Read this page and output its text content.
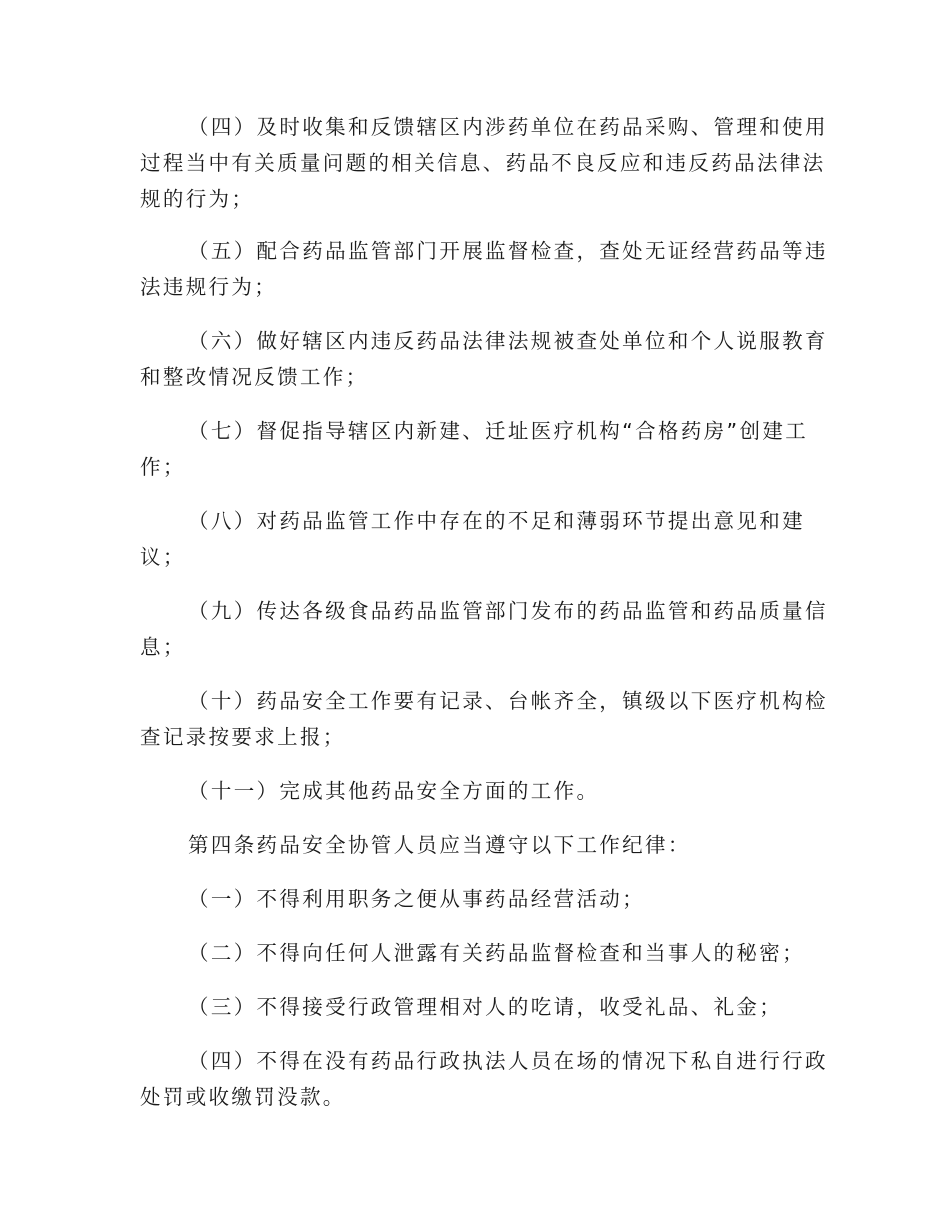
（四）及时收集和反馈辖区内涉药单位在药品采购、管理和使用
过程当中有关质量问题的相关信息、药品不良反应和违反药品法律法
规的行为；
（五）配合药品监管部门开展监督检查，查处无证经营药品等违
法违规行为；
（六）做好辖区内违反药品法律法规被查处单位和个人说服教育
和整改情况反馈工作；
（七）督促指导辖区内新建、迁址医疗机构“合格药房”创建工
作；
（八）对药品监管工作中存在的不足和薄弱环节提出意见和建
议；
（九）传达各级食品药品监管部门发布的药品监管和药品质量信
息；
（十）药品安全工作要有记录、台帐齐全，镇级以下医疗机构检
查记录按要求上报；
（十一）完成其他药品安全方面的工作。
第四条药品安全协管人员应当遵守以下工作纪律：
（一）不得利用职务之便从事药品经营活动；
（二）不得向任何人泄露有关药品监督检查和当事人的秘密；
（三）不得接受行政管理相对人的吃请，收受礼品、礼金；
（四）不得在没有药品行政执法人员在场的情况下私自进行行政
处罚或收缴罚没款。
